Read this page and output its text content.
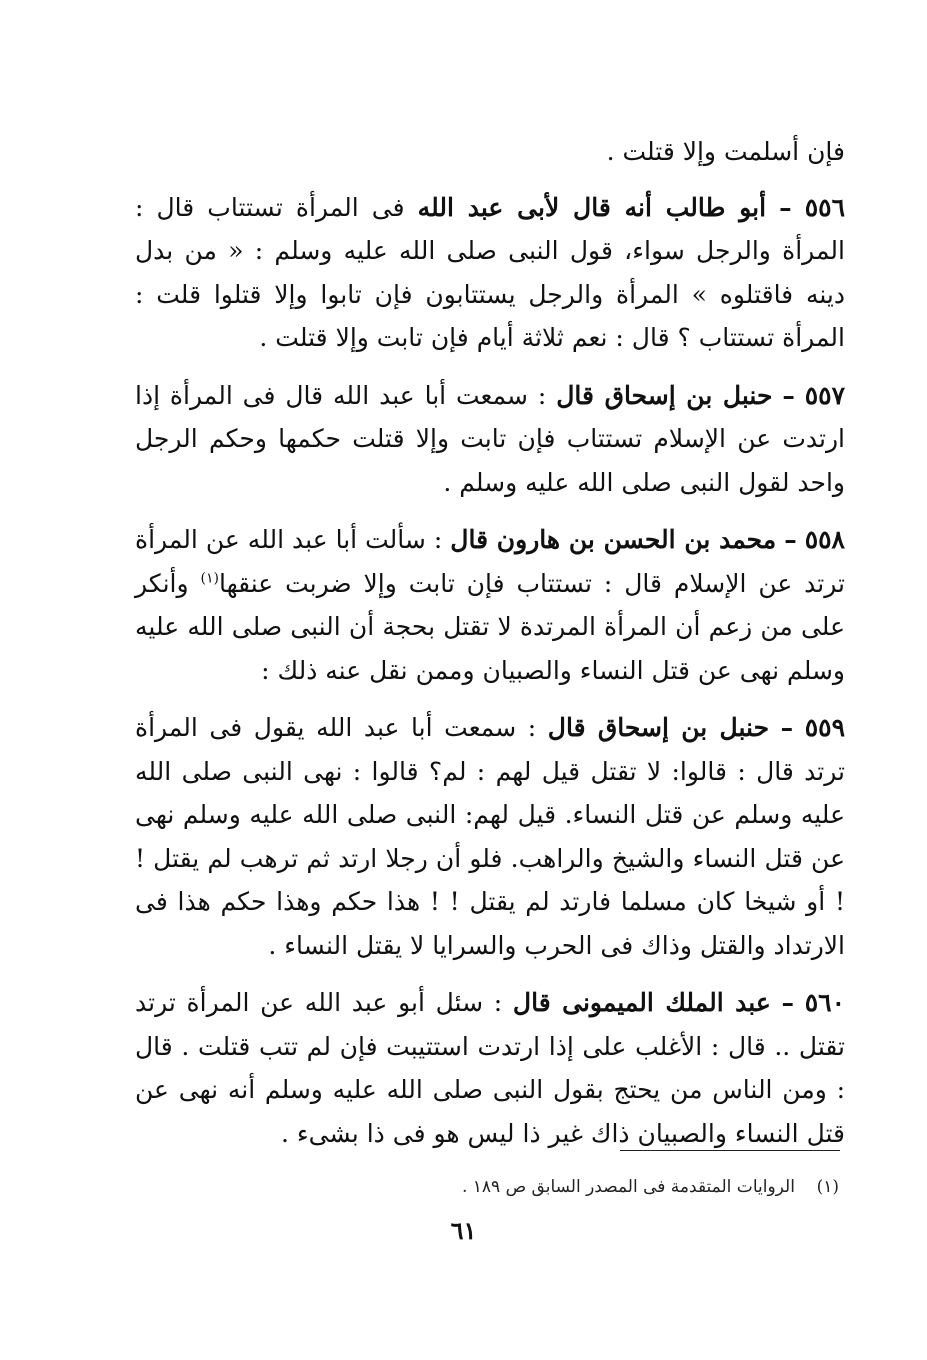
فإن أسلمت وإلا قتلت .

٥٥٦ – أبو طالب أنه قال لأبى عبد الله فى المرأة تستتاب قال : المرأة والرجل سواء، قول النبى صلى الله عليه وسلم : « من بدل دينه فاقتلوه » المرأة والرجل يستتابون فإن تابوا وإلا قتلوا قلت : المرأة تستتاب ؟ قال : نعم ثلاثة أيام فإن تابت وإلا قتلت .

٥٥٧ – حنبل بن إسحاق قال : سمعت أبا عبد الله قال فى المرأة إذا ارتدت عن الإسلام تستتاب فإن تابت وإلا قتلت حكمها وحكم الرجل واحد لقول النبى صلى الله عليه وسلم .

٥٥٨ – محمد بن الحسن بن هارون قال : سألت أبا عبد الله عن المرأة ترتد عن الإسلام قال : تستتاب فإن تابت وإلا ضربت عنقها$^{(١)}$ وأنكر على من زعم أن المرأة المرتدة لا تقتل بحجة أن النبى صلى الله عليه وسلم نهى عن قتل النساء والصبيان وممن نقل عنه ذلك :

٥٥٩ – حنبل بن إسحاق قال : سمعت أبا عبد الله يقول فى المرأة ترتد قال : قالوا: لا تقتل قيل لهم : لم؟ قالوا : نهى النبى صلى الله عليه وسلم عن قتل النساء. قيل لهم: النبى صلى الله عليه وسلم نهى عن قتل النساء والشيخ والراهب. فلو أن رجلا ارتد ثم ترهب لم يقتل ! ! أو شيخا كان مسلما فارتد لم يقتل ! ! هذا حكم وهذا حكم هذا فى الارتداد والقتل وذاك فى الحرب والسرايا لا يقتل النساء .

٥٦٠ – عبد الملك الميمونى قال : سئل أبو عبد الله عن المرأة ترتد تقتل .. قال : الأغلب على إذا ارتدت استتيبت فإن لم تتب قتلت . قال : ومن الناس من يحتج بقول النبى صلى الله عليه وسلم أنه نهى عن قتل النساء والصبيان ذاك غير ذا ليس هو فى ذا بشىء .

(١)    الروايات المتقدمة فى المصدر السابق ص ١٨٩ .
٦١
